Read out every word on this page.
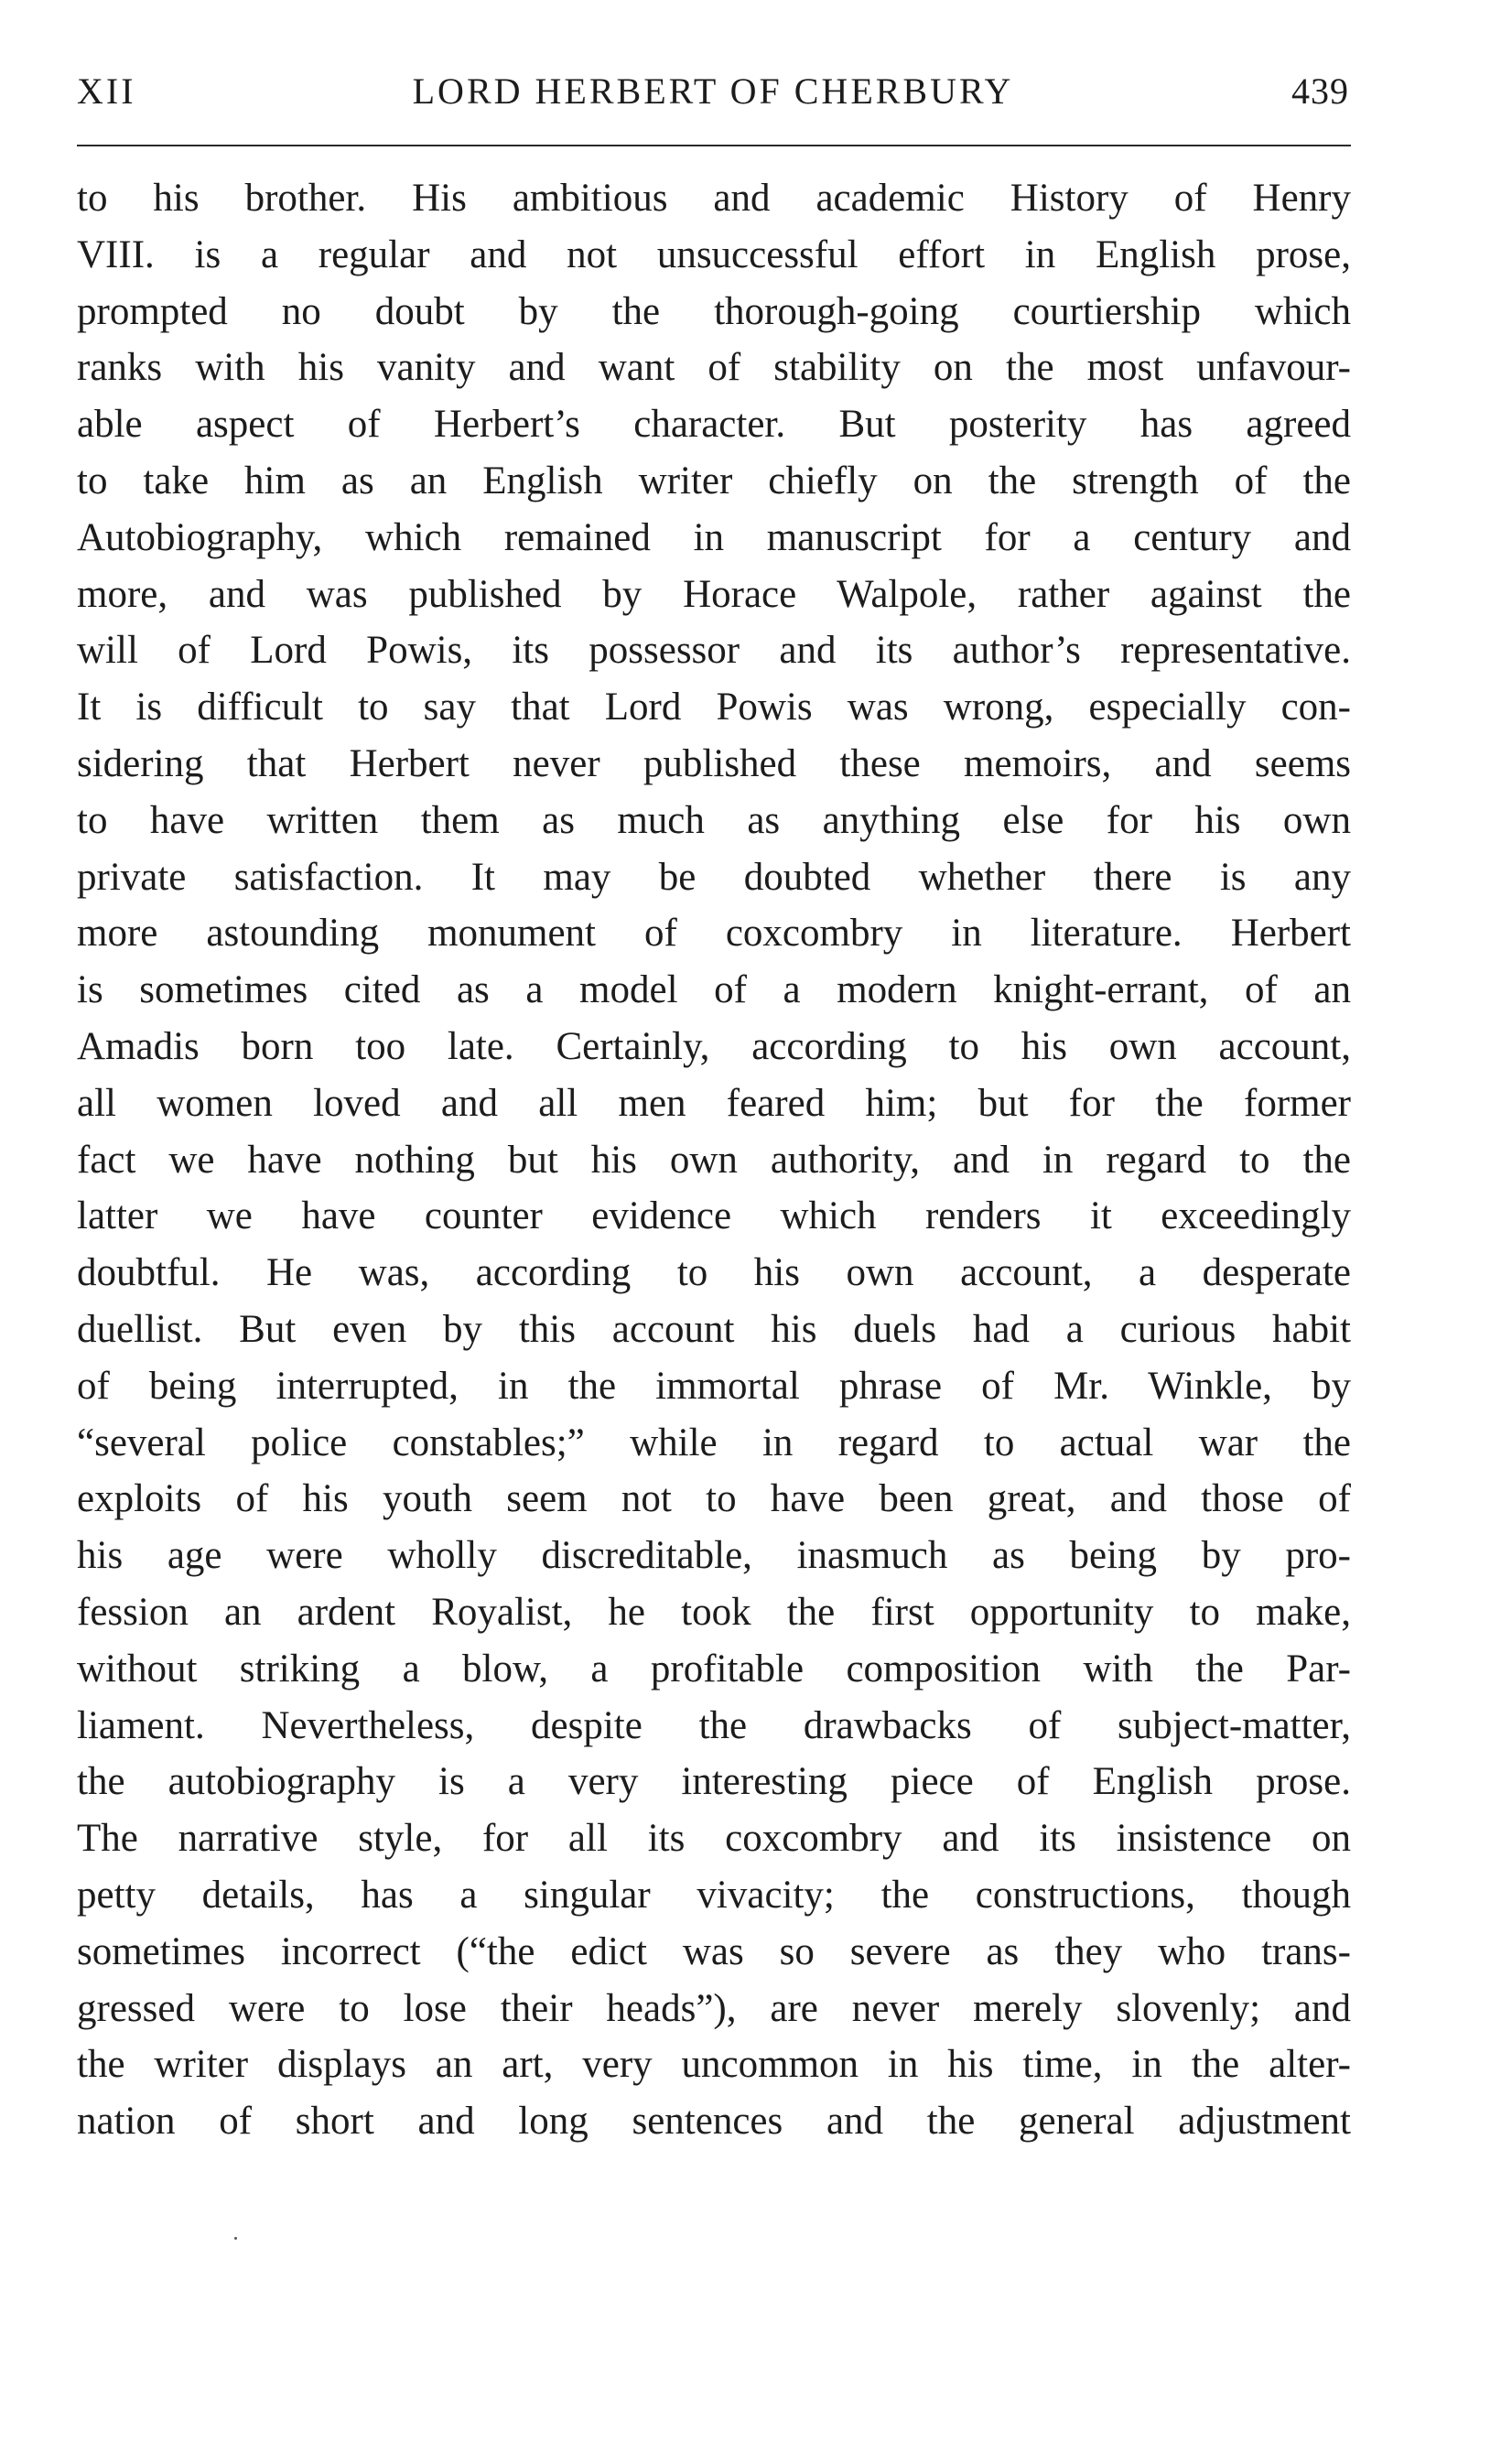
XII	LORD HERBERT OF CHERBURY	439
to his brother. His ambitious and academic History of Henry
VIII. is a regular and not unsuccessful effort in English prose,
prompted no doubt by the thorough-going courtiership which
ranks with his vanity and want of stability on the most unfavour-
able aspect of Herbert’s character. But posterity has agreed
to take him as an English writer chiefly on the strength of the
Autobiography, which remained in manuscript for a century and
more, and was published by Horace Walpole, rather against the
will of Lord Powis, its possessor and its author’s representative.
It is difficult to say that Lord Powis was wrong, especially con-
sidering that Herbert never published these memoirs, and seems
to have written them as much as anything else for his own
private satisfaction. It may be doubted whether there is any
more astounding monument of coxcombry in literature. Herbert
is sometimes cited as a model of a modern knight-errant, of an
Amadis born too late. Certainly, according to his own account,
all women loved and all men feared him; but for the former
fact we have nothing but his own authority, and in regard to the
latter we have counter evidence which renders it exceedingly
doubtful. He was, according to his own account, a desperate
duellist. But even by this account his duels had a curious habit
of being interrupted, in the immortal phrase of Mr. Winkle, by
“several police constables;” while in regard to actual war the
exploits of his youth seem not to have been great, and those of
his age were wholly discreditable, inasmuch as being by pro-
fession an ardent Royalist, he took the first opportunity to make,
without striking a blow, a profitable composition with the Par-
liament. Nevertheless, despite the drawbacks of subject-matter,
the autobiography is a very interesting piece of English prose.
The narrative style, for all its coxcombry and its insistence on
petty details, has a singular vivacity; the constructions, though
sometimes incorrect (“the edict was so severe as they who trans-
gressed were to lose their heads”), are never merely slovenly; and
the writer displays an art, very uncommon in his time, in the alter-
nation of short and long sentences and the general adjustment
